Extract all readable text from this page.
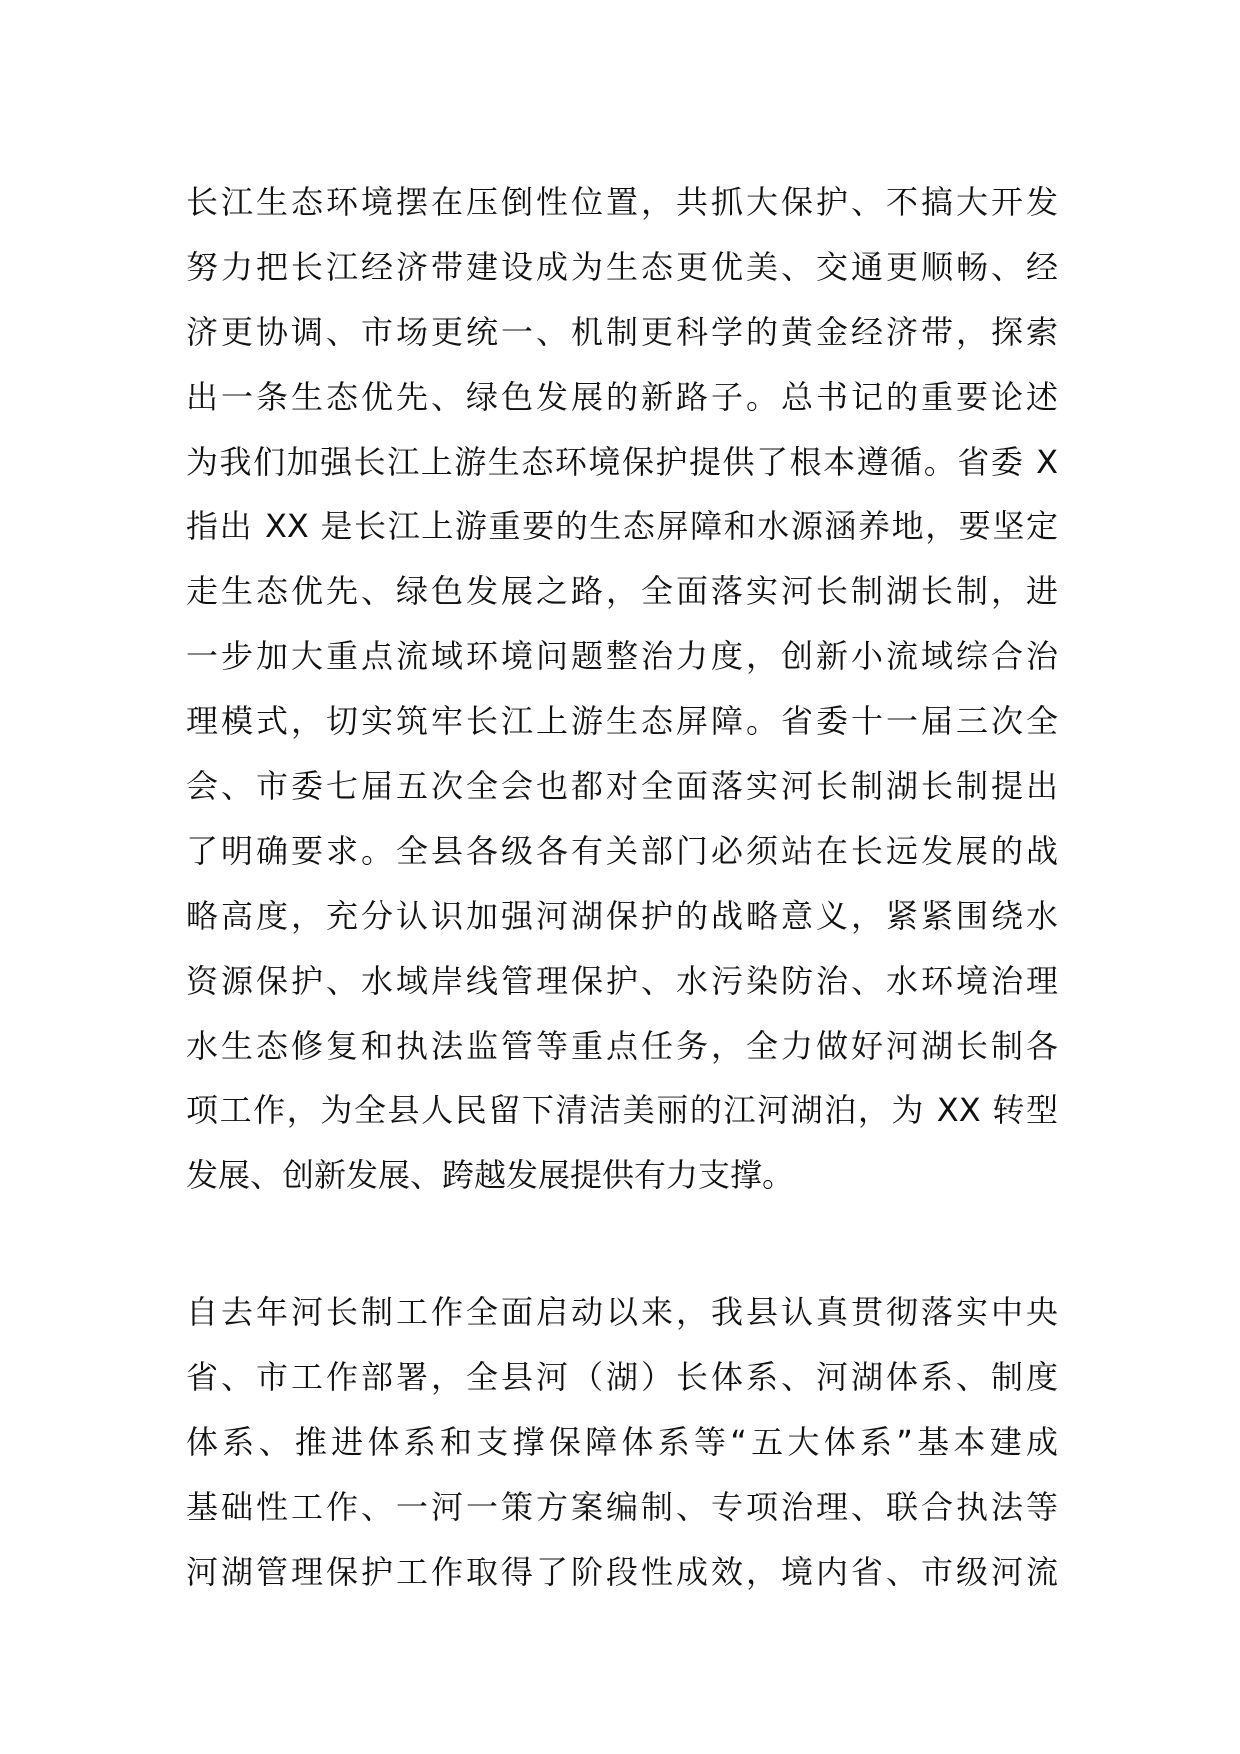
长江生态环境摆在压倒性位置，共抓大保护、不搞大开发
努力把长江经济带建设成为生态更优美、交通更顺畅、经
济更协调、市场更统一、机制更科学的黄金经济带，探索
出一条生态优先、绿色发展的新路子。总书记的重要论述
为我们加强长江上游生态环境保护提供了根本遵循。省委 X
指出 XX 是长江上游重要的生态屏障和水源涵养地，要坚定
走生态优先、绿色发展之路，全面落实河长制湖长制，进
一步加大重点流域环境问题整治力度，创新小流域综合治
理模式，切实筑牢长江上游生态屏障。省委十一届三次全
会、市委七届五次全会也都对全面落实河长制湖长制提出
了明确要求。全县各级各有关部门必须站在长远发展的战
略高度，充分认识加强河湖保护的战略意义，紧紧围绕水
资源保护、水域岸线管理保护、水污染防治、水环境治理
水生态修复和执法监管等重点任务，全力做好河湖长制各
项工作，为全县人民留下清洁美丽的江河湖泊，为 XX 转型
发展、创新发展、跨越发展提供有力支撑。
自去年河长制工作全面启动以来，我县认真贯彻落实中央
省、市工作部署，全县河（湖）长体系、河湖体系、制度
体系、推进体系和支撑保障体系等“五大体系”基本建成
基础性工作、一河一策方案编制、专项治理、联合执法等
河湖管理保护工作取得了阶段性成效，境内省、市级河流
